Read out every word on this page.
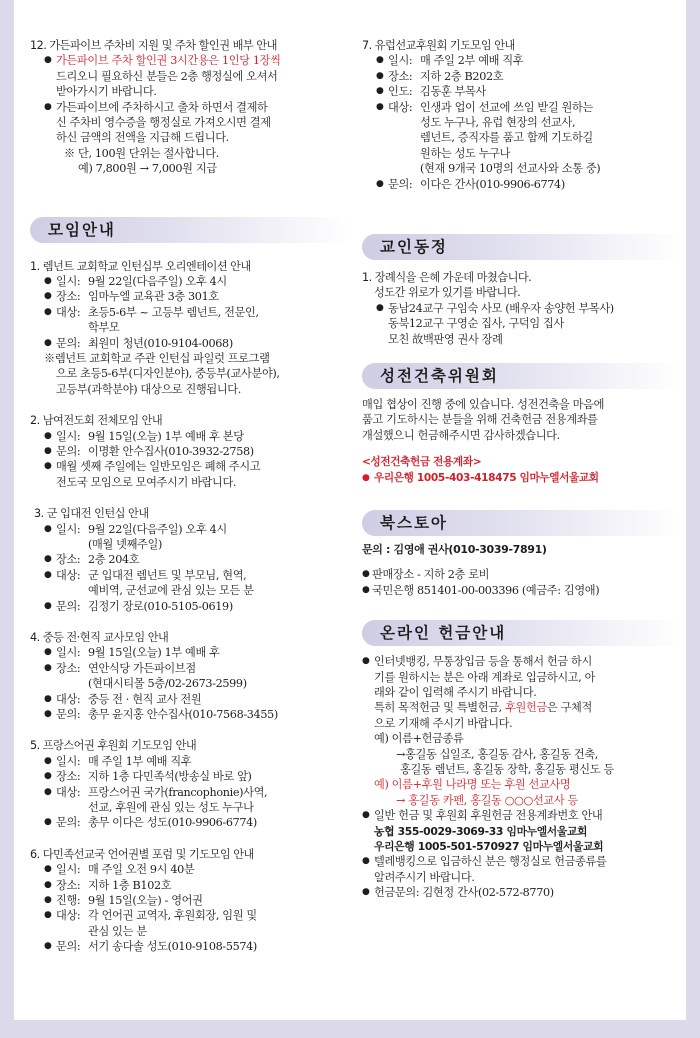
12. 가든파이브 주차비 지원 및 주차 할인권 배부 안내
● 가든파이브 주차 할인권 3시간용은 1인당 1장씩
드리오니 필요하신 분들은 2층 행정실에 오셔서
받아가시기 바랍니다.
● 가든파이브에 주차하시고 출차 하면서 결제하
신 주차비 영수증을 행정실로 가져오시면 결제
하신 금액의 전액을 지급해 드립니다.
※ 단, 100원 단위는 절사합니다.
예) 7,800원 → 7,000원 지급
모임안내
1. 렘넌트 교회학교 인턴십부 오리엔테이션 안내
● 일시: 9월 22일(다음주일) 오후 4시
● 장소: 임마누엘 교육관 3층 301호
● 대상: 초등5-6부 ~ 고등부 렘넌트, 전문인,
학부모
● 문의: 최원미 청년(010-9104-0068)
※렘넌트 교회학교 주관 인턴십 파일럿 프로그램
으로 초등5-6부(디자인분야), 중등부(교사분야),
고등부(과학분야) 대상으로 진행됩니다.
2. 남여전도회 전체모임 안내
● 일시: 9월 15일(오늘) 1부 예배 후 본당
● 문의: 이명환 안수집사(010-3932-2758)
● 매월 셋째 주일에는 일반모임은 폐해 주시고
전도국 모임으로 모여주시기 바랍니다.
3. 군 입대전 인턴십 안내
● 일시: 9월 22일(다음주일) 오후 4시
(매월 넷째주일)
● 장소: 2층 204호
● 대상: 군 입대전 렘넌트 및 부모님, 현역,
예비역, 군선교에 관심 있는 모든 분
● 문의: 김정기 장로(010-5105-0619)
4. 중등 전·현직 교사모임 안내
● 일시: 9월 15일(오늘) 1부 예배 후
● 장소: 연안식당 가든파이브점
(현대시티몰 5층/02-2673-2599)
● 대상: 중등 전 · 현직 교사 전원
● 문의: 총무 윤지홍 안수집사(010-7568-3455)
5. 프랑스어권 후원회 기도모임 안내
● 일시: 매 주일 1부 예배 직후
● 장소: 지하 1층 다민족석(방송실 바로 앞)
● 대상: 프랑스어권 국가(francophonie)사역,
선교, 후원에 관심 있는 성도 누구나
● 문의: 총무 이다은 성도(010-9906-6774)
6. 다민족선교국 언어권별 포럼 및 기도모임 안내
● 일시: 매 주일 오전 9시 40분
● 장소: 지하 1층 B102호
● 진행: 9월 15일(오늘) - 영어권
● 대상: 각 언어권 교역자, 후원회장, 임원 및
관심 있는 분
● 문의: 서기 송다솔 성도(010-9108-5574)
7. 유럽선교후원회 기도모임 안내
● 일시: 매 주일 2부 예배 직후
● 장소: 지하 2층 B202호
● 인도: 김동훈 부목사
● 대상: 인생과 업이 선교에 쓰임 받길 원하는
성도 누구나, 유럽 현장의 선교사,
렘넌트, 증직자를 품고 함께 기도하길
원하는 성도 누구나
(현재 9개국 10명의 선교사와 소통 중)
● 문의: 이다은 간사(010-9906-6774)
교인동정
1. 장례식을 은혜 가운데 마쳤습니다.
성도간 위로가 있기를 바랍니다.
● 동남24교구 구임숙 사모 (배우자 송양헌 부목사)
동북12교구 구영순 집사, 구덕임 집사
모친 故백판영 권사 장례
성전건축위원회
매입 협상이 진행 중에 있습니다. 성전건축을 마음에
품고 기도하시는 분들을 위해 건축헌금 전용계좌를
개설했으니 헌금해주시면 감사하겠습니다.
<성전건축헌금 전용계좌>
● 우리은행 1005-403-418475 임마누엘서울교회
북스토아
문의 : 김영애 권사(010-3039-7891)
● 판매장소 - 지하 2층 로비
● 국민은행 851401-00-003396 (예금주: 김영애)
온라인 헌금안내
● 인터넷뱅킹, 무통장입금 등을 통해서 헌금 하시
기를 원하시는 분은 아래 계좌로 입금하시고, 아
래와 같이 입력해 주시기 바랍니다.
특히 목적헌금 및 특별헌금, 후원헌금은 구체적
으로 기재해 주시기 바랍니다.
예) 이름+헌금종류
→홍길동 십일조, 홍길동 감사, 홍길동 건축,
홍길동 렘넌트, 홍길동 장학, 홍길동 평신도 등
예) 이름+후원 나라명 또는 후원 선교사명
→ 홍길동 카펜, 홍길동 ○○○선교사 등
● 일반 헌금 및 후원회 후원헌금 전용계좌번호 안내
농협 355-0029-3069-33 임마누엘서울교회
우리은행 1005-501-570927 임마누엘서울교회
● 텔레뱅킹으로 입금하신 분은 행정실로 헌금종류를
알려주시기 바랍니다.
● 헌금문의: 김현정 간사(02-572-8770)
